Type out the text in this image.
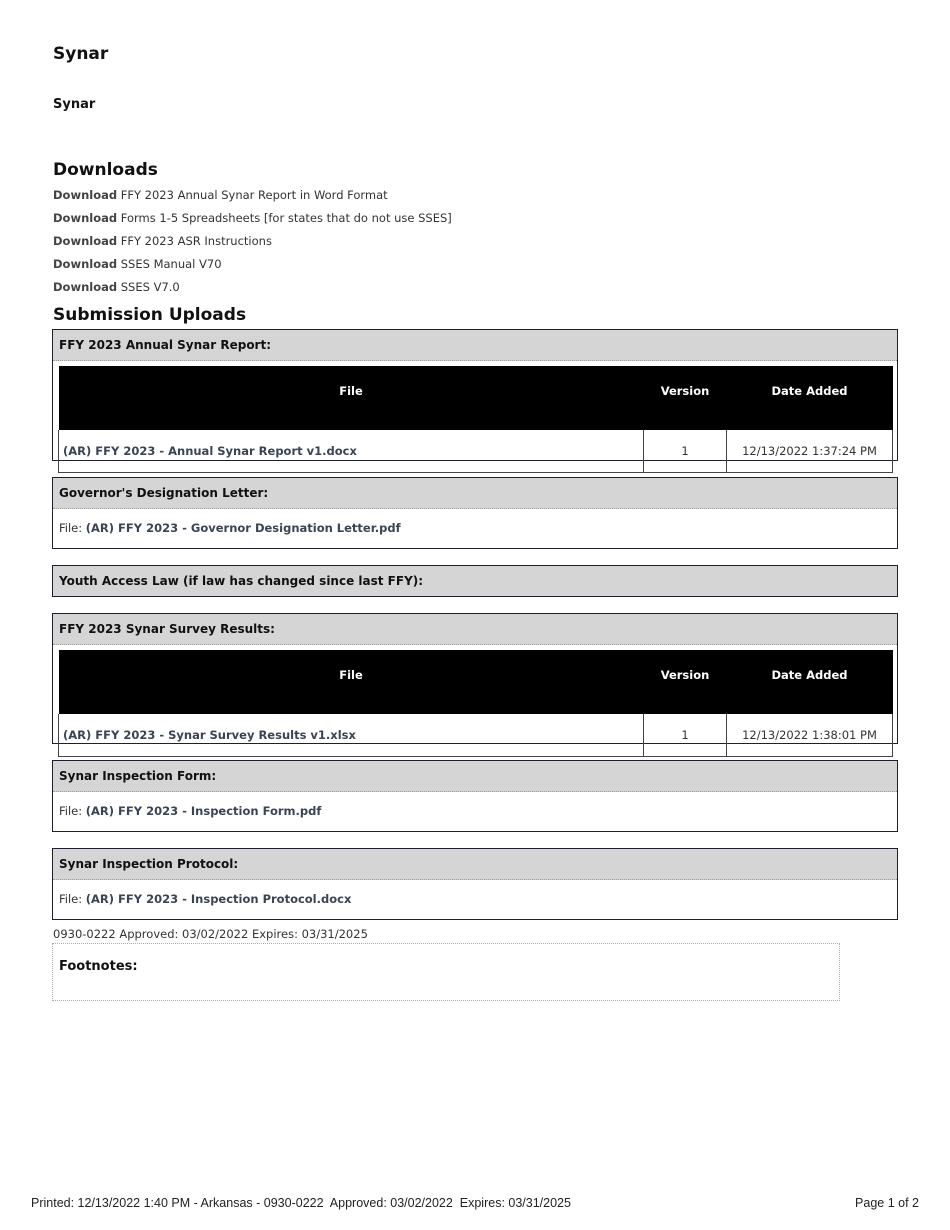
Synar
Synar
Downloads
Download FFY 2023 Annual Synar Report in Word Format
Download Forms 1-5 Spreadsheets [for states that do not use SSES]
Download FFY 2023 ASR Instructions
Download SSES Manual V70
Download SSES V7.0
Submission Uploads
FFY 2023 Annual Synar Report:
File	Version	Date Added
(AR) FFY 2023 - Annual Synar Report v1.docx	1	12/13/2022 1:37:24 PM
Governor's Designation Letter:
File: (AR) FFY 2023 - Governor Designation Letter.pdf
Youth Access Law (if law has changed since last FFY):
FFY 2023 Synar Survey Results:
File	Version	Date Added
(AR) FFY 2023 - Synar Survey Results v1.xlsx	1	12/13/2022 1:38:01 PM
Synar Inspection Form:
File: (AR) FFY 2023 - Inspection Form.pdf
Synar Inspection Protocol:
File: (AR) FFY 2023 - Inspection Protocol.docx

0930-0222 Approved: 03/02/2022 Expires: 03/31/2025

Footnotes:
Printed: 12/13/2022 1:40 PM - Arkansas - 0930-0222  Approved: 03/02/2022  Expires: 03/31/2025	Page 1 of 2
